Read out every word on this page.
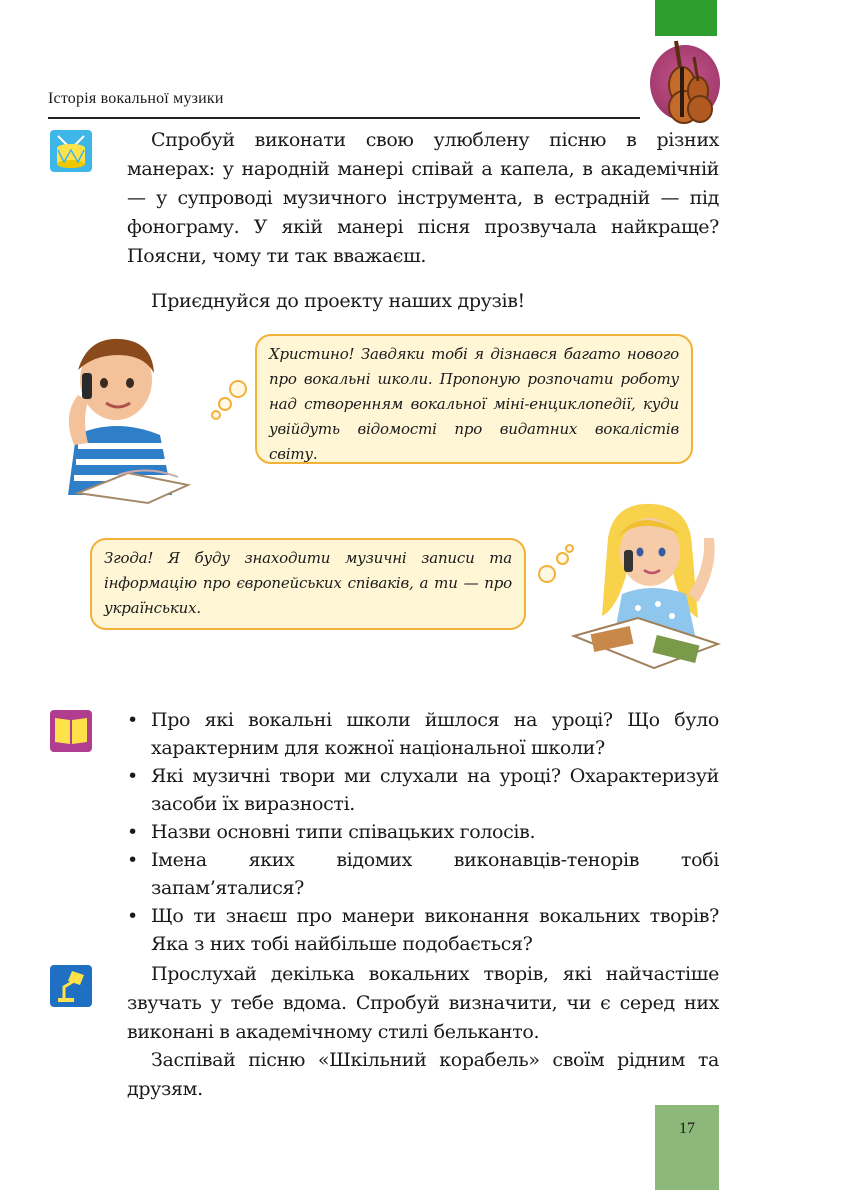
17
Історія вокальної музики
Спробуй виконати свою улюблену пісню в різних манерах: у народній манері співай а капела, в академічній — у супроводі музичного інструмента, в естрадній — під фонограму. У якій манері пісня прозвучала найкраще? Поясни, чому ти так вважаєш.
Приєднуйся до проекту наших друзів!
Христино! Завдяки тобі я дізнався багато нового про вокальні школи. Пропоную розпочати роботу над створенням вокальної міні-енциклопедії, куди увійдуть відомості про видатних вокалістів світу.
Згода! Я буду знаходити музичні записи та інформацію про європейських співаків, а ти — про українських.
• Про які вокальні школи йшлося на уроці? Що було характерним для кожної національної школи?
• Які музичні твори ми слухали на уроці? Охарактеризуй засоби їх виразності.
• Назви основні типи співацьких голосів.
• Імена яких відомих виконавців-тенорів тобі запам’яталися?
• Що ти знаєш про манери виконання вокальних творів? Яка з них тобі найбільше подобається?
Прослухай декілька вокальних творів, які найчастіше звучать у тебе вдома. Спробуй визначити, чи є серед них виконані в академічному стилі бельканто.
Заспівай пісню «Шкільний корабель» своїм рідним та друзям.
